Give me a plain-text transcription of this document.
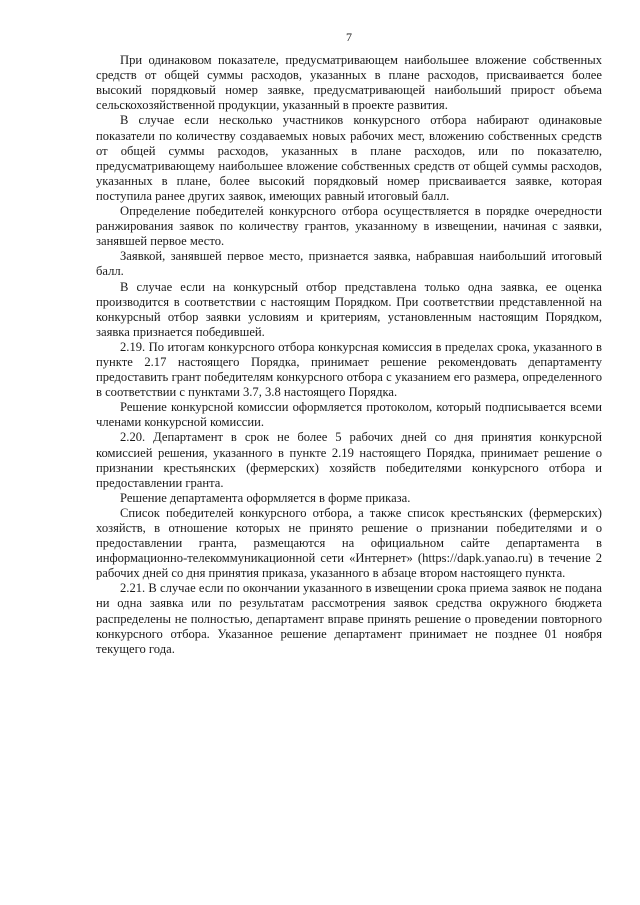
7

При одинаковом показателе, предусматривающем наибольшее вложение собственных средств от общей суммы расходов, указанных в плане расходов, присваивается более высокий порядковый номер заявке, предусматривающей наибольший прирост объема сельскохозяйственной продукции, указанный в проекте развития.

В случае если несколько участников конкурсного отбора набирают одинаковые показатели по количеству создаваемых новых рабочих мест, вложению собственных средств от общей суммы расходов, указанных в плане расходов, или по показателю, предусматривающему наибольшее вложение собственных средств от общей суммы расходов, указанных в плане, более высокий порядковый номер присваивается заявке, которая поступила ранее других заявок, имеющих равный итоговый балл.

Определение победителей конкурсного отбора осуществляется в порядке очередности ранжирования заявок по количеству грантов, указанному в извещении, начиная с заявки, занявшей первое место.

Заявкой, занявшей первое место, признается заявка, набравшая наибольший итоговый балл.

В случае если на конкурсный отбор представлена только одна заявка, ее оценка производится в соответствии с настоящим Порядком. При соответствии представленной на конкурсный отбор заявки условиям и критериям, установленным настоящим Порядком, заявка признается победившей.

2.19. По итогам конкурсного отбора конкурсная комиссия в пределах срока, указанного в пункте 2.17 настоящего Порядка, принимает решение рекомендовать департаменту предоставить грант победителям конкурсного отбора с указанием его размера, определенного в соответствии с пунктами 3.7, 3.8 настоящего Порядка.

Решение конкурсной комиссии оформляется протоколом, который подписывается всеми членами конкурсной комиссии.

2.20. Департамент в срок не более 5 рабочих дней со дня принятия конкурсной комиссией решения, указанного в пункте 2.19 настоящего Порядка, принимает решение о признании крестьянских (фермерских) хозяйств победителями конкурсного отбора и предоставлении гранта.

Решение департамента оформляется в форме приказа.

Список победителей конкурсного отбора, а также список крестьянских (фермерских) хозяйств, в отношение которых не принято решение о признании победителями и о предоставлении гранта, размещаются на официальном сайте департамента в информационно-телекоммуникационной сети «Интернет» (https://dapk.yanao.ru) в течение 2 рабочих дней со дня принятия приказа, указанного в абзаце втором настоящего пункта.

2.21. В случае если по окончании указанного в извещении срока приема заявок не подана ни одна заявка или по результатам рассмотрения заявок средства окружного бюджета распределены не полностью, департамент вправе принять решение о проведении повторного конкурсного отбора. Указанное решение департамент принимает не позднее 01 ноября текущего года.
